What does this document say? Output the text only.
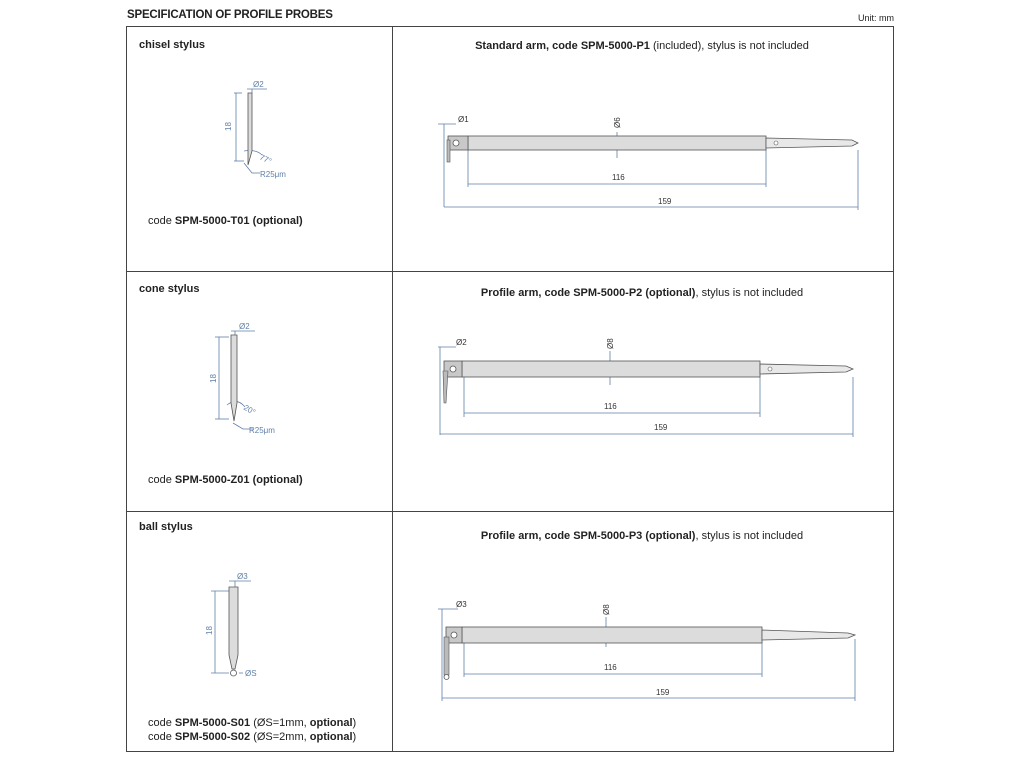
SPECIFICATION OF PROFILE PROBES	Unit: mm
chisel stylus
Ø2
18
77°
R25μm
code SPM-5000-T01 (optional)
Standard arm, code SPM-5000-P1 (included), stylus is not included
Ø1	Ø6
116
159
cone stylus
Ø2
18
20°
R25μm
code SPM-5000-Z01 (optional)
Profile arm, code SPM-5000-P2 (optional), stylus is not included
Ø2	Ø8
116
159
ball stylus
Ø3
18
ØS
code SPM-5000-S01 (ØS=1mm, optional)
code SPM-5000-S02 (ØS=2mm, optional)
Profile arm, code SPM-5000-P3 (optional), stylus is not included
Ø3	Ø8
116
159
